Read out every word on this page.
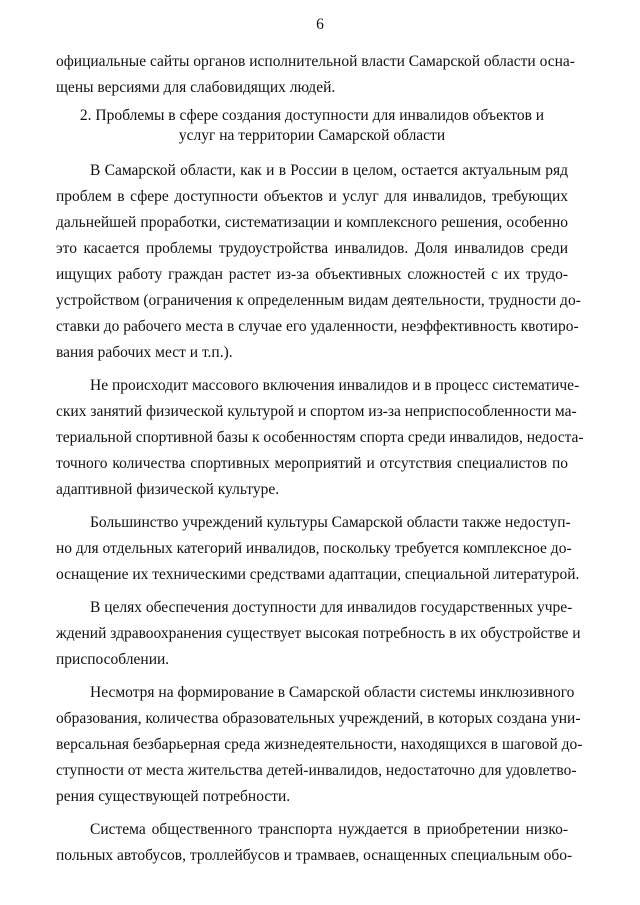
6
официальные сайты органов исполнительной власти Самарской области осна-
щены версиями для слабовидящих людей.
2. Проблемы в сфере создания доступности для инвалидов объектов и
услуг на территории Самарской области
В Самарской области, как и в России в целом, остается актуальным ряд
проблем в сфере доступности объектов и услуг для инвалидов, требующих
дальнейшей проработки, систематизации и комплексного решения, особенно
это касается проблемы трудоустройства инвалидов. Доля инвалидов среди
ищущих работу граждан растет из-за объективных сложностей с их трудо-
устройством (ограничения к определенным видам деятельности, трудности до-
ставки до рабочего места в случае его удаленности, неэффективность квотиро-
вания рабочих мест и т.п.).
Не происходит массового включения инвалидов и в процесс систематиче-
ских занятий физической культурой и спортом из-за неприспособленности ма-
териальной спортивной базы к особенностям спорта среди инвалидов, недоста-
точного количества спортивных мероприятий и отсутствия специалистов по
адаптивной физической культуре.
Большинство учреждений культуры Самарской области также недоступ-
но для отдельных категорий инвалидов, поскольку требуется комплексное до-
оснащение их техническими средствами адаптации, специальной литературой.
В целях обеспечения доступности для инвалидов государственных учре-
ждений здравоохранения существует высокая потребность в их обустройстве и
приспособлении.
Несмотря на формирование в Самарской области системы инклюзивного
образования, количества образовательных учреждений, в которых создана уни-
версальная безбарьерная среда жизнедеятельности, находящихся в шаговой до-
ступности от места жительства детей-инвалидов, недостаточно для удовлетво-
рения существующей потребности.
Система общественного транспорта нуждается в приобретении низко-
польных автобусов, троллейбусов и трамваев, оснащенных специальным обо-
